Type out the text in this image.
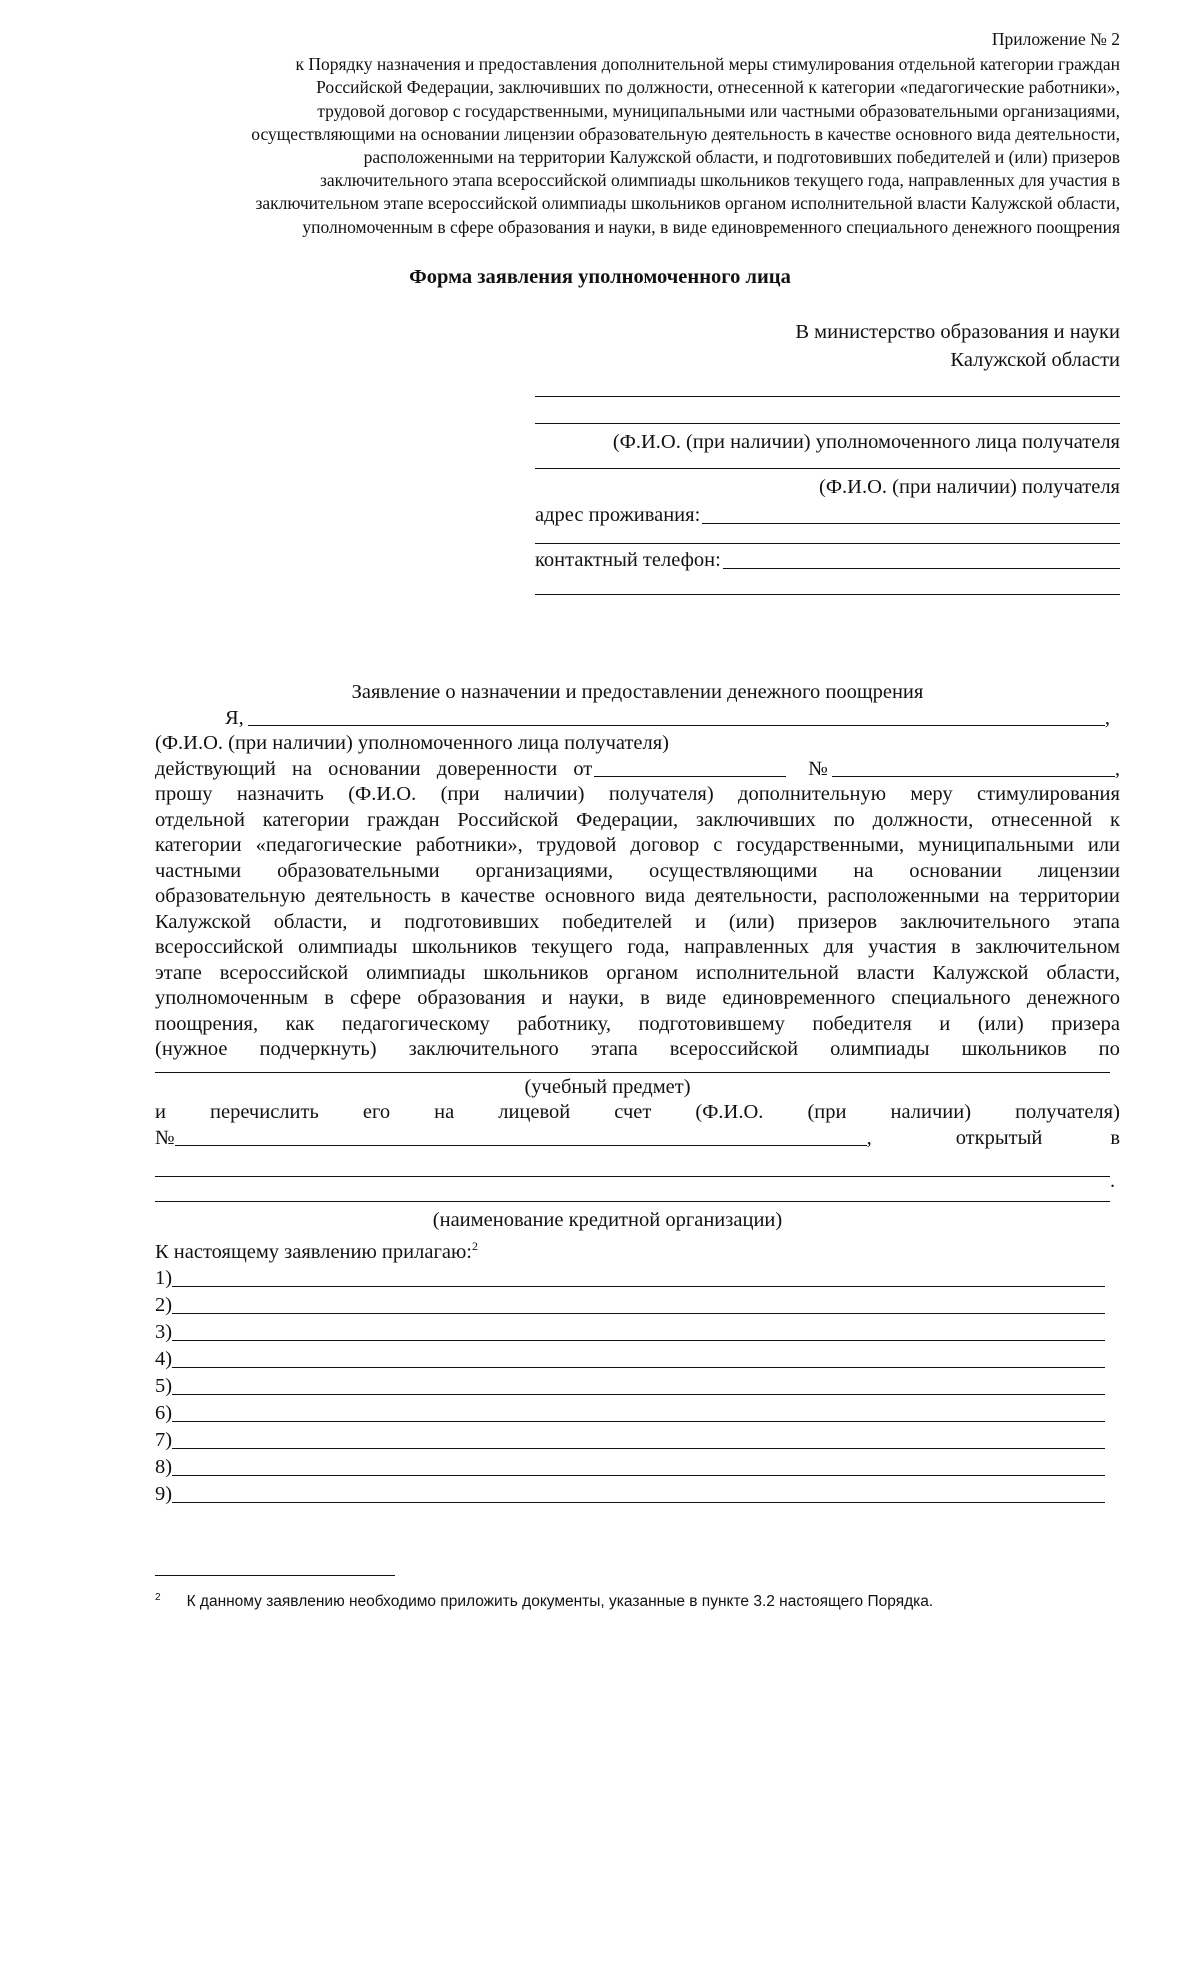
Приложение № 2
к Порядку назначения и предоставления дополнительной меры стимулирования отдельной категории граждан
Российской Федерации, заключивших по должности, отнесенной к категории «педагогические работники»,
трудовой договор с государственными, муниципальными или частными образовательными организациями,
осуществляющими на основании лицензии образовательную деятельность в качестве основного вида деятельности,
расположенными на территории Калужской области, и подготовивших победителей и (или) призеров
заключительного этапа всероссийской олимпиады школьников текущего года, направленных для участия в
заключительном этапе всероссийской олимпиады школьников органом исполнительной власти Калужской области,
уполномоченным в сфере образования и науки, в виде единовременного специального денежного поощрения
Форма заявления уполномоченного лица
В министерство образования и науки
Калужской области
(Ф.И.О. (при наличии) уполномоченного лица получателя
(Ф.И.О. (при наличии) получателя
адрес проживания:
контактный телефон:
Заявление о назначении и предоставлении денежного поощрения
Я,	,
(Ф.И.О. (при наличии) уполномоченного лица получателя)
действующий на основании доверенности от	№	,
прошу назначить (Ф.И.О. (при наличии) получателя) дополнительную меру стимулирования
отдельной категории граждан Российской Федерации, заключивших по должности, отнесенной к
категории «педагогические работники», трудовой договор с государственными, муниципальными или
частными образовательными организациями, осуществляющими на основании лицензии
образовательную деятельность в качестве основного вида деятельности, расположенными на территории
Калужской области, и подготовивших победителей и (или) призеров заключительного этапа
всероссийской олимпиады школьников текущего года, направленных для участия в заключительном
этапе всероссийской олимпиады школьников органом исполнительной власти Калужской области,
уполномоченным в сфере образования и науки, в виде единовременного специального денежного
поощрения, как педагогическому работнику, подготовившему победителя и (или) призера
(нужное подчеркнуть) заключительного этапа всероссийской олимпиады школьников по
(учебный предмет)
и перечислить его на лицевой счет (Ф.И.О. (при наличии) получателя)
№	,	открытый	в
.
(наименование кредитной организации)
К настоящему заявлению прилагаю:$^2$
1)
2)
3)
4)
5)
6)
7)
8)
9)
$^2$ К данному заявлению необходимо приложить документы, указанные в пункте 3.2 настоящего Порядка.
